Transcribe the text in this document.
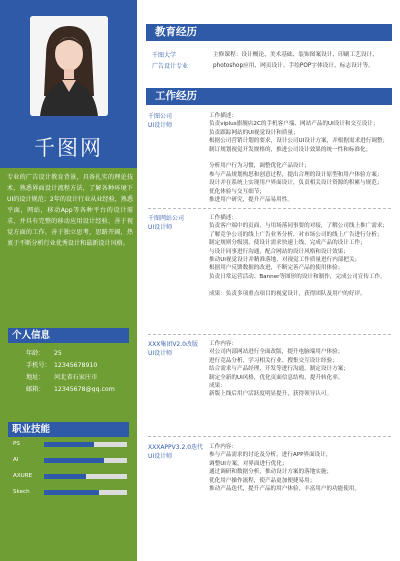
千图网
专业的广告设计教育背景，具备扎实的理论技术，熟悉界面设计流程方法，了解各种环境下UI的设计规范；2年的设计行业从业经验，熟悉平面，网站，移动App等各种平台的设计需求，并具有完整的移动应用设计经验，善于视觉方面的工作，善于独立思考，思路开阔，热衷于不断分析行业优秀设计和最新设计风格。
个人信息
年龄： 25
手机号： 12345678910
地址： 河北省石家庄市
邮箱： 12345678@qq.com
职业技能
PS
AI
AXURE
Skech
教育经历
千图大学
广告设计专业
主修课程：设计概论、美术基础、装饰图案设计、印刷工艺设计、
photoshop应用、网页设计、手绘POP字体设计、标志设计等。
工作经历
千图公司
UI设计师
工作描述：
负责viplus旗舰店2C的手机客户端、网站产品的UI设计和交互设计；
负责跟踪网站的UI视觉设计和质量；
根据公司营销计划的要求，设计公司UI设计方案，并根据需求进行调整；
制订规划视觉开发规格的，推进公司设计效果的统一性和标准化；

分析用户行为习惯，调整优化产品设计；
参与产品规划构思和创意过程，提出合理的设计原型和用户体验方案；
设计并在系统上实现用户界面设计，负责相关设计资源的积累与规范；
优化体验与交互细节；
推进用户研究，提升产品易用性。
千图网站公司
UI设计师
工作描述：
负责客户端中的页面，与用场落同事要的对接，了解公司线上推广需求；
了解竞争公司的线上广告业务分析，对市场公司的线上广告进行分析；
制定规则分级别、使设计需求快速上线，完成产品的设计工作；
与设计同事进行沟通，配合网站的设计风格和设计效果；
推动UI视觉设计并精准落地，对视觉工作质量进行内部把关；
根据用户反馈数据的改进，不断完善产品的使用体验；
负责日常运营活动、Banner等图形的设计和制作，完成公司宣传工作。

成果：负责多项重点项目的视觉设计，获得团队及用户的好评。
XXX集团V2.0改版
UI设计师
工作内容：
对公司内部网站进行全面改版，提升电脑端用户体验；
进行竞品分析，学习相关行业、搜集交互设计经验；
结合需求与产品经理、开发等进行沟通，制定设计方案；
制定全新的UI风格，优化页面信息结构，提升转化率。
成果：
新版上线后用户活跃度明显提升，获得领导认可。
XXXAPPV3.2.0迭代
UI设计师
工作内容：
参与产品需求的讨论及分析，进行APP界面设计，
调整UI方案，对界面进行优化；
通过调研和数据分析，推动设计方案的落地实施；
优化用户操作流程，使产品更加便捷易用；
推动产品迭代，提升产品的用户体验，丰富用户的功能使用。
